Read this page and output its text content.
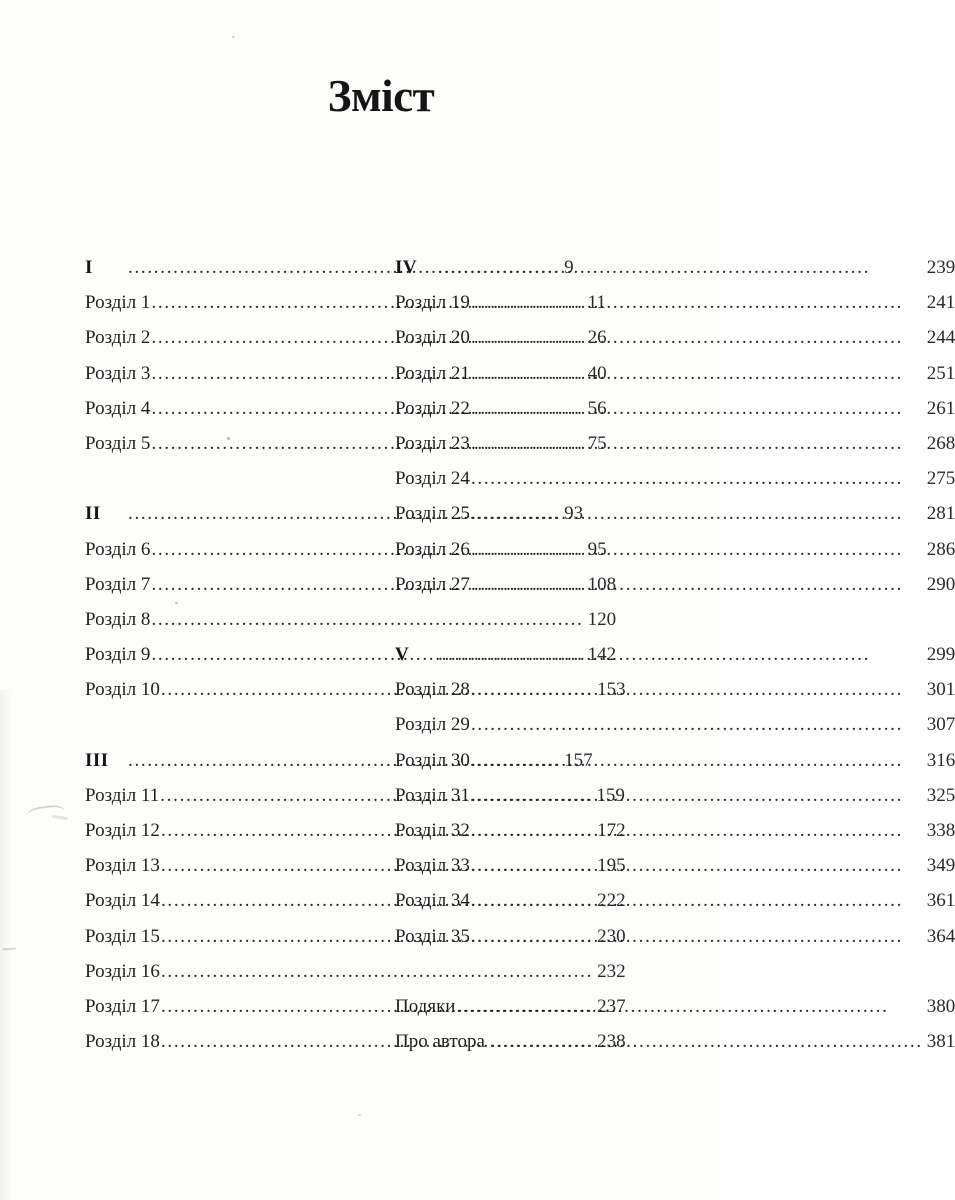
Зміст
I .....	9
Розділ 1 .....	11
Розділ 2 .....	26
Розділ 3 .....	40
Розділ 4 .....	56
Розділ 5 .....	75
II .....	93
Розділ 6 .....	95
Розділ 7 .....	108
Розділ 8 .....	120
Розділ 9 .....	142
Розділ 10 .....	153
III .....	157
Розділ 11 .....	159
Розділ 12 .....	172
Розділ 13 .....	195
Розділ 14 .....	222
Розділ 15 .....	230
Розділ 16 .....	232
Розділ 17 .....	237
Розділ 18 .....	238
IV .....	239
Розділ 19 .....	241
Розділ 20 .....	244
Розділ 21 .....	251
Розділ 22 .....	261
Розділ 23 .....	268
Розділ 24 .....	275
Розділ 25 .....	281
Розділ 26 .....	286
Розділ 27 .....	290
V .....	299
Розділ 28 .....	301
Розділ 29 .....	307
Розділ 30 .....	316
Розділ 31 .....	325
Розділ 32 .....	338
Розділ 33 .....	349
Розділ 34 .....	361
Розділ 35 .....	364
Подяки .....	380
Про автора .....	381
